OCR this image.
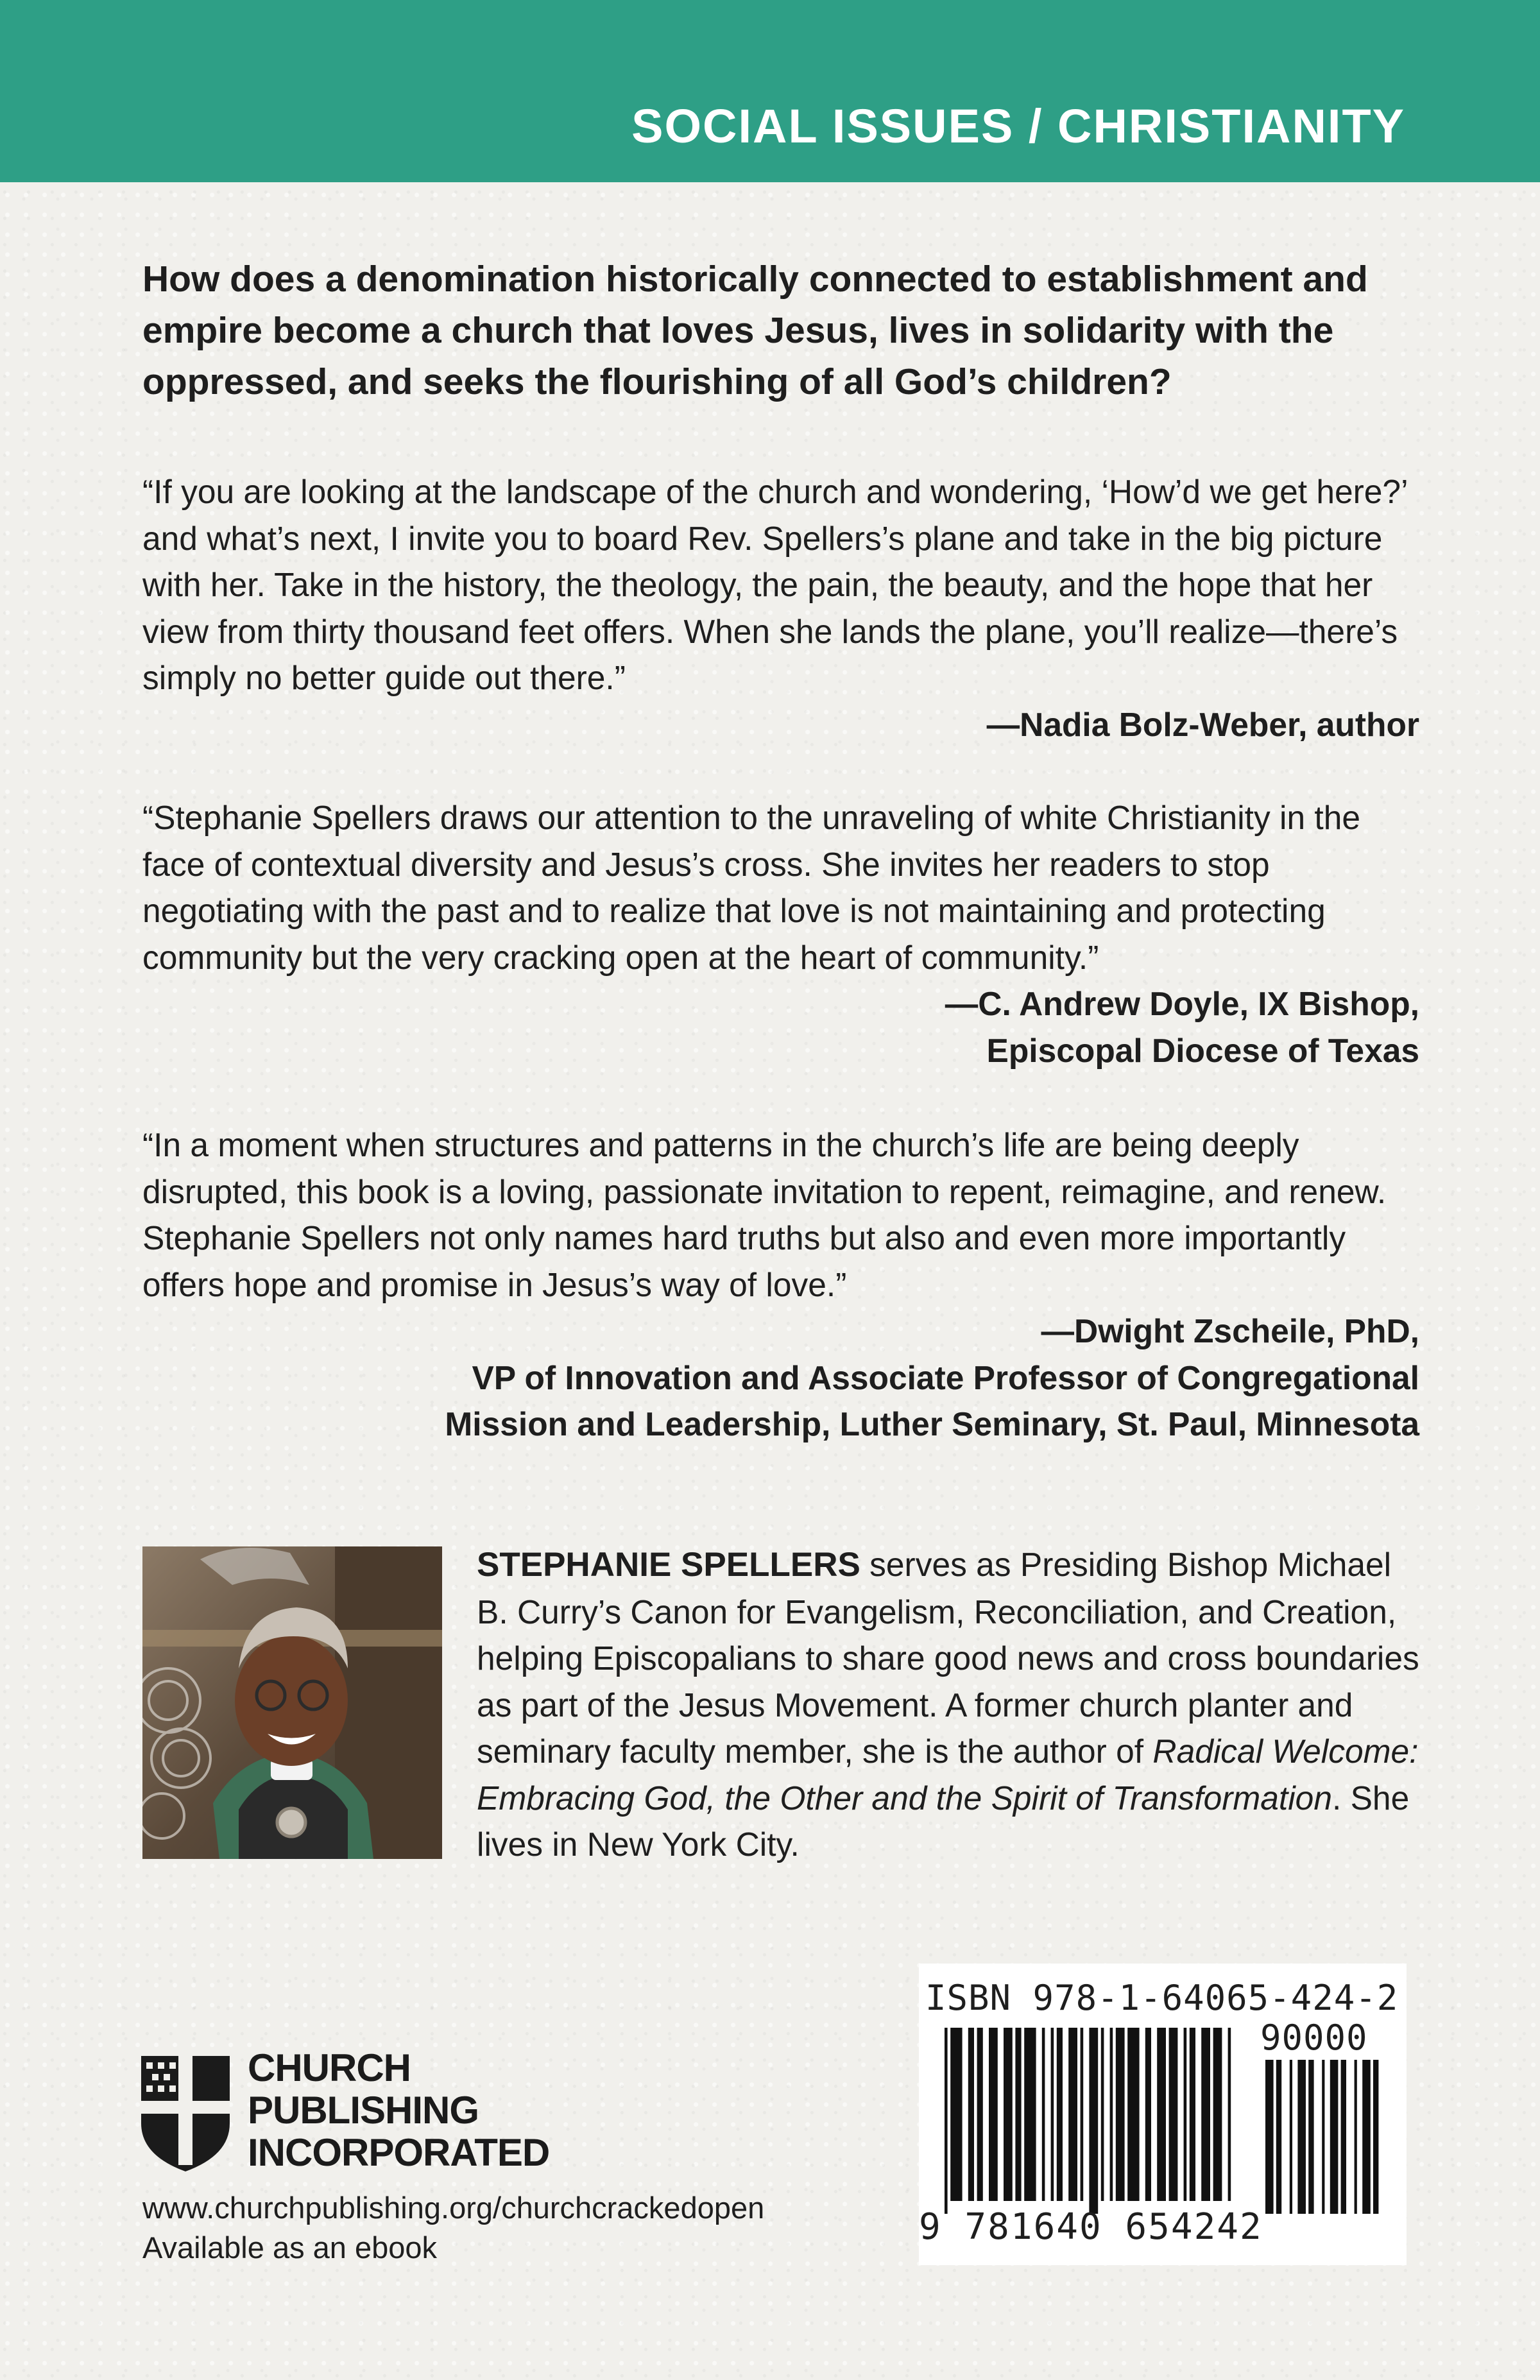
SOCIAL ISSUES / CHRISTIANITY
How does a denomination historically connected to establishment and empire become a church that loves Jesus, lives in solidarity with the oppressed, and seeks the flourishing of all God’s children?

“If you are looking at the landscape of the church and wondering, ‘How’d we get here?’ and what’s next, I invite you to board Rev. Spellers’s plane and take in the big picture with her. Take in the history, the theology, the pain, the beauty, and the hope that her view from thirty thousand feet offers. When she lands the plane, you’ll realize—there’s simply no better guide out there.”

—Nadia Bolz-Weber, author

“Stephanie Spellers draws our attention to the unraveling of white Christianity in the face of contextual diversity and Jesus’s cross. She invites her readers to stop negotiating with the past and to realize that love is not maintaining and protecting community but the very cracking open at the heart of community.”

—C. Andrew Doyle, IX Bishop,

Episcopal Diocese of Texas

“In a moment when structures and patterns in the church’s life are being deeply disrupted, this book is a loving, passionate invitation to repent, reimagine, and renew. Stephanie Spellers not only names hard truths but also and even more importantly offers hope and promise in Jesus’s way of love.”

—Dwight Zscheile, PhD,

VP of Innovation and Associate Professor of Congregational

Mission and Leadership, Luther Seminary, St. Paul, Minnesota

STEPHANIE SPELLERS serves as Presiding Bishop Michael B. Curry’s Canon for Evangelism, Reconciliation, and Creation, helping Episcopalians to share good news and cross boundaries as part of the Jesus Movement. A former church planter and seminary faculty member, she is the author of Radical Welcome: Embracing God, the Other and the Spirit of Transformation. She lives in New York City.
CHURCH
PUBLISHING
INCORPORATED
www.churchpublishing.org/churchcrackedopen
Available as an ebook
ISBN 978-1-64065-424-2
90000
9 781640 654242
